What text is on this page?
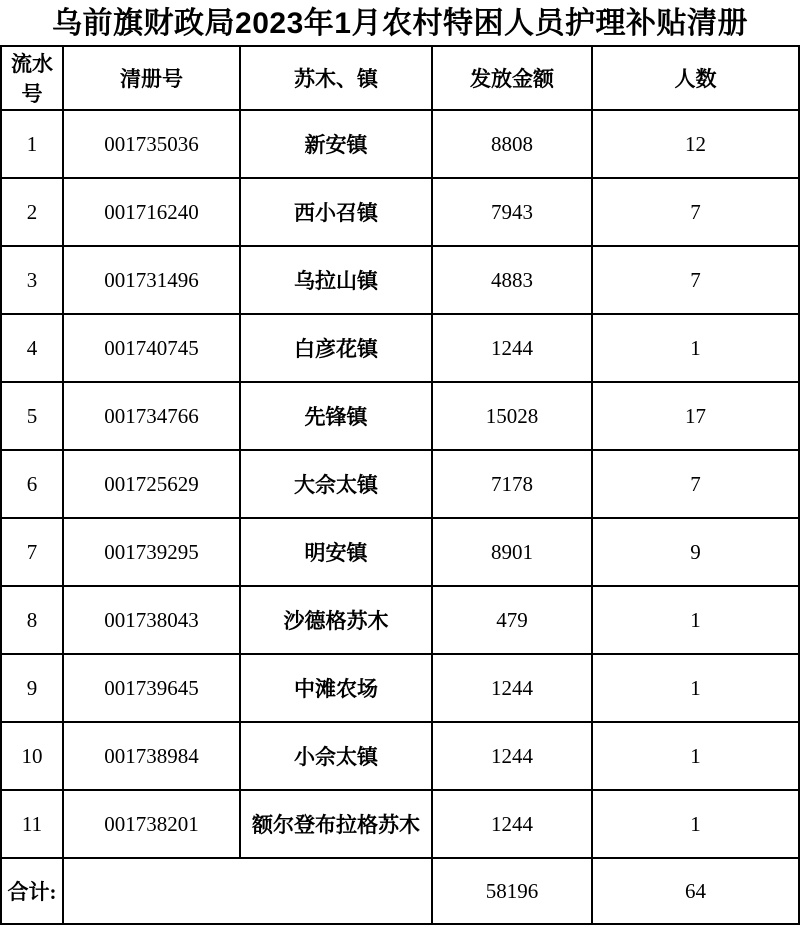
乌前旗财政局2023年1月农村特困人员护理补贴清册
流水号	清册号	苏木、镇	发放金额	人数
1	001735036	新安镇	8808	12
2	001716240	西小召镇	7943	7
3	001731496	乌拉山镇	4883	7
4	001740745	白彦花镇	1244	1
5	001734766	先锋镇	15028	17
6	001725629	大佘太镇	7178	7
7	001739295	明安镇	8901	9
8	001738043	沙德格苏木	479	1
9	001739645	中滩农场	1244	1
10	001738984	小佘太镇	1244	1
11	001738201	额尔登布拉格苏木	1244	1
合计:			58196	64
